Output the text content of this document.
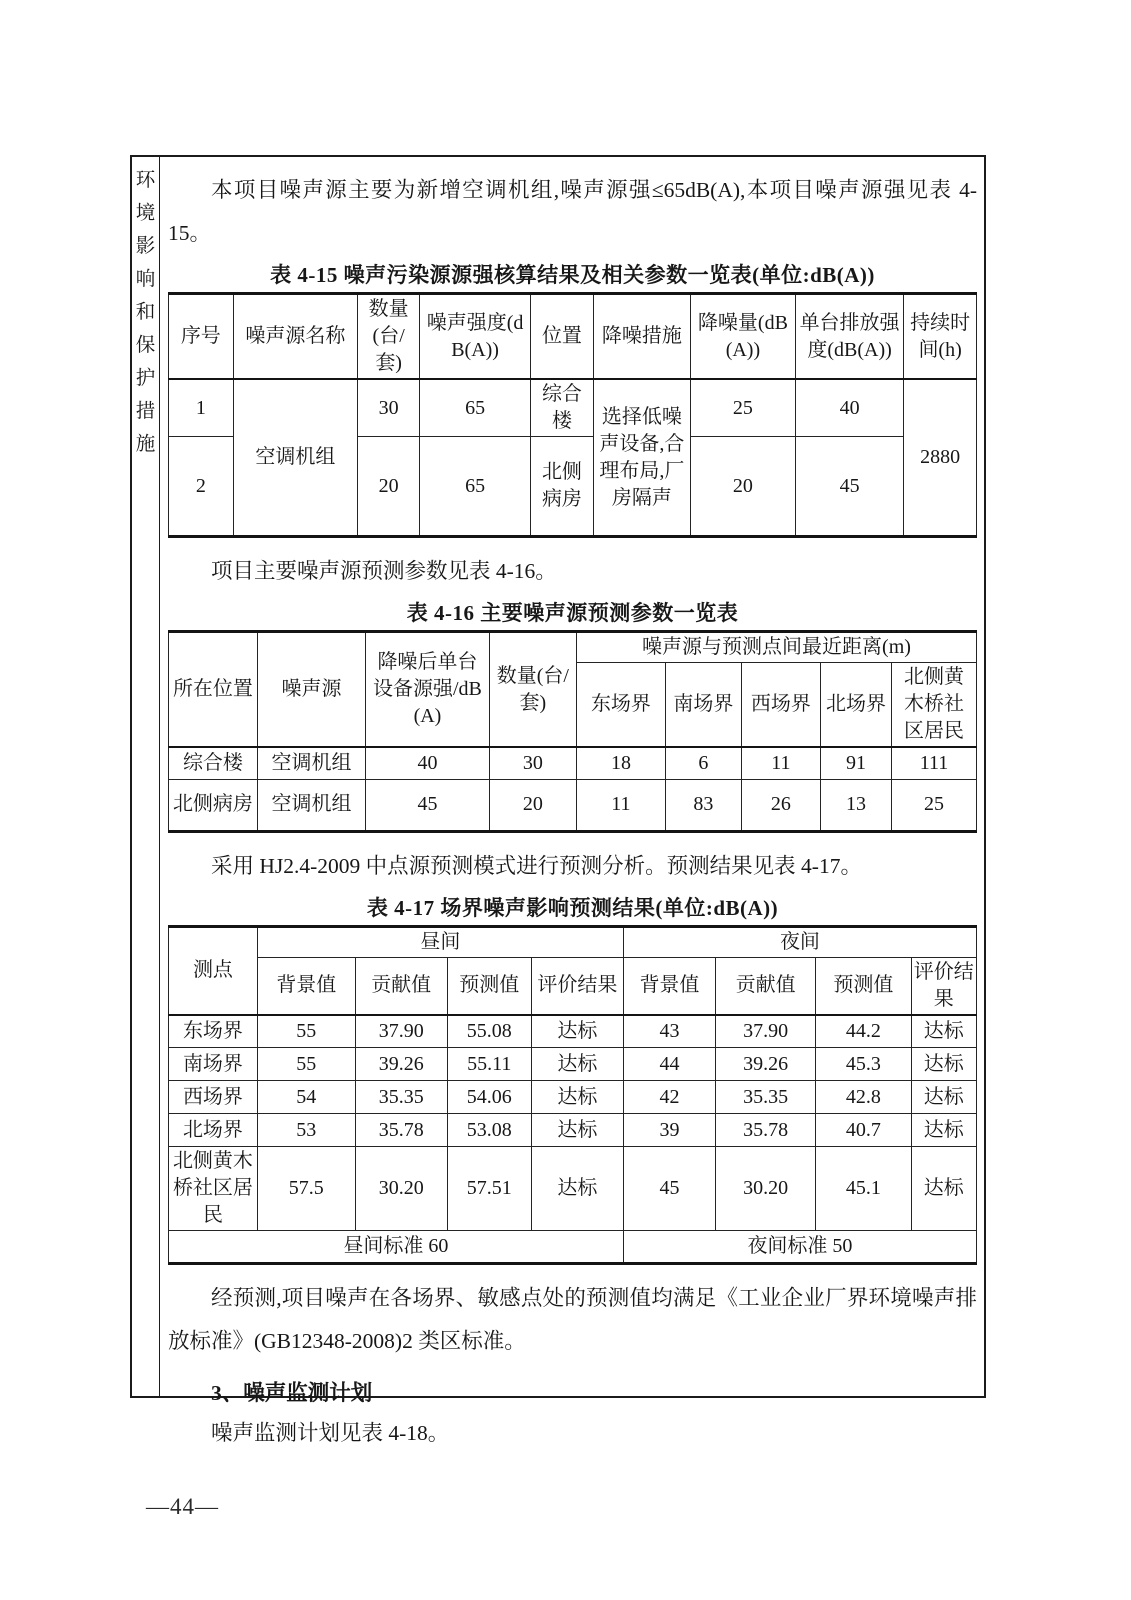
环
境
影
响
和
保
护
措
施

本项目噪声源主要为新增空调机组,噪声源强≤65dB(A),本项目噪声源强见表 4-15。

表 4-15 噪声污染源源强核算结果及相关参数一览表(单位:dB(A))
序号	噪声源名称	数量(台/套)	噪声强度(dB(A))	位置	降噪措施	降噪量(dB(A))	单台排放强度(dB(A))	持续时间(h)
1	空调机组	30	65	综合楼	选择低噪声设备,合理布局,厂房隔声	25	40	2880
2		20	65	北侧病房		20	45	

项目主要噪声源预测参数见表 4-16。

表 4-16 主要噪声源预测参数一览表
所在位置	噪声源	降噪后单台设备源强/dB(A)	数量(台/套)	噪声源与预测点间最近距离(m)				
				东场界	南场界	西场界	北场界	北侧黄木桥社区居民
综合楼	空调机组	40	30	18	6	11	91	111
北侧病房	空调机组	45	20	11	83	26	13	25

采用 HJ2.4-2009 中点源预测模式进行预测分析。预测结果见表 4-17。

表 4-17 场界噪声影响预测结果(单位:dB(A))
测点	昼间				夜间			
	背景值	贡献值	预测值	评价结果	背景值	贡献值	预测值	评价结果
东场界	55	37.90	55.08	达标	43	37.90	44.2	达标
南场界	55	39.26	55.11	达标	44	39.26	45.3	达标
西场界	54	35.35	54.06	达标	42	35.35	42.8	达标
北场界	53	35.78	53.08	达标	39	35.78	40.7	达标
北侧黄木桥社区居民	57.5	30.20	57.51	达标	45	30.20	45.1	达标
昼间标准 60					夜间标准 50			

经预测,项目噪声在各场界、敏感点处的预测值均满足《工业企业厂界环境噪声排放标准》(GB12348-2008)2 类区标准。

3、噪声监测计划

噪声监测计划见表 4-18。

—44—
